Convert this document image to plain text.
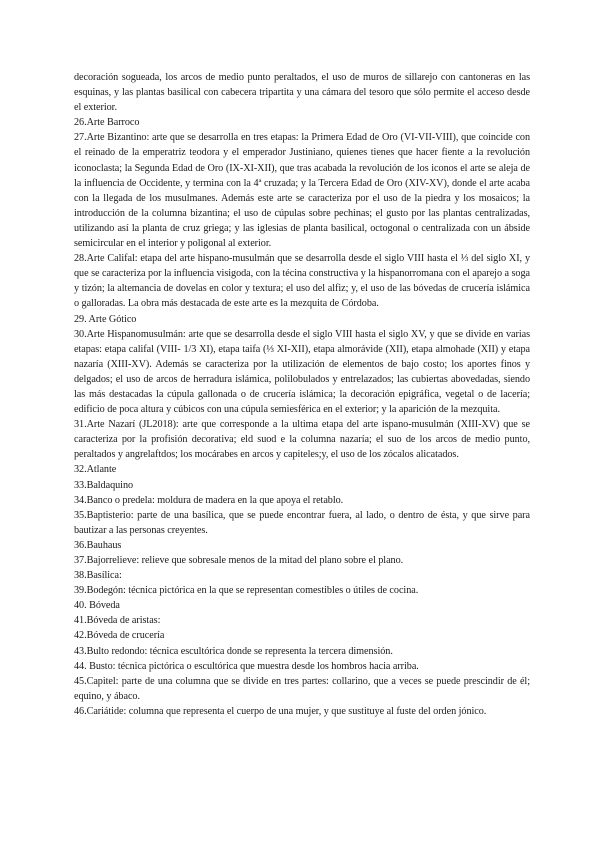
decoración sogueada, los arcos de medio punto peraltados, el uso de muros de sillarejo con cantoneras en las esquinas, y las plantas basilical con cabecera tripartita y una cámara del tesoro que sólo permite el acceso desde el exterior.

26.Arte Barroco

27.Arte Bizantino: arte que se desarrolla en tres etapas: la Primera Edad de Oro (VI-VII-VIII), que coincide con el reinado de la emperatriz teodora y el emperador Justiniano, quienes tienes que hacer fiente a la revolución iconoclasta; la Segunda Edad de Oro (IX-XI-XII), que tras acabada la revolución de los iconos el arte se aleja de la influencia de Occidente, y termina con la 4ª cruzada; y la Tercera Edad de Oro (XIV-XV), donde el arte acaba con la llegada de los musulmanes. Además este arte se caracteriza por el uso de la piedra y los mosaicos; la introducción de la columna bizantina; el uso de cúpulas sobre pechinas; el gusto por las plantas centralizadas, utilizando así la planta de cruz griega; y las iglesias de planta basilical, octogonal o centralizada con un ábside semicircular en el interior y poligonal al exterior.

28.Arte Califal: etapa del arte hispano-musulmán que se desarrolla desde el siglo VIII hasta el ⅓ del siglo XI, y que se caracteriza por la influencia visigoda, con la técina constructiva y la hispanorromana con el aparejo a soga y tizón; la altemancia de dovelas en color y textura; el uso del alfiz; y, el uso de las bóvedas de crucería islámica o galloradas. La obra más destacada de este arte es la mezquita de Córdoba.

29. Arte Gótico

30.Arte Hispanomusulmán: arte que se desarrolla desde el siglo VIII hasta el siglo XV, y que se divide en varias etapas: etapa califal (VIII- 1/3 XI), etapa taifa (⅓ XI-XII), etapa almorávide (XII), etapa almohade (XII) y etapa nazaría (XIII-XV). Además se caracteriza por la utilización de elementos de bajo costo; los aportes finos y delgados; el uso de arcos de herradura islámica, polilobulados y entrelazados; las cubiertas abovedadas, siendo las más destacadas la cúpula gallonada o de crucería islámica; la decoración epigráfica, vegetal o de lacería; edificio de poca altura y cúbicos con una cúpula semiesférica en el exterior; y la aparición de la mezquita.

31.Arte Nazarí (JL2018): arte que corresponde a la ultima etapa del arte ispano-musulmán (XIII-XV) que se caracteriza por la profisión decorativa; eld suod e la columna nazaría; el suo de los arcos de medio punto, peraltados y angrelaftdos; los mocárabes en arcos y capiteles;y, el uso de los zócalos alicatados.

32.Atlante

33.Baldaquino

34.Banco o predela: moldura de madera en la que apoya el retablo.

35.Baptisterio: parte de una basílica, que se puede encontrar fuera, al lado, o dentro de ésta, y que sirve para bautizar a las personas creyentes.

36.Bauhaus

37.Bajorrelieve: relieve que sobresale menos de la mitad del plano sobre el plano.

38.Basílica:

39.Bodegón: técnica pictórica en la que se representan comestibles o útiles de cocina.

40. Bóveda

41.Bóveda de aristas:

42.Bóveda de crucería

43.Bulto redondo: técnica escultórica donde se representa la tercera dimensión.

44. Busto: técnica pictórica o escultórica que muestra desde los hombros hacia arriba.

45.Capitel: parte de una columna que se divide en tres partes: collarino, que a veces se puede prescindir de él; equino, y ábaco.

46.Cariátide: columna que representa el cuerpo de una mujer, y que sustituye al fuste del orden jónico.
